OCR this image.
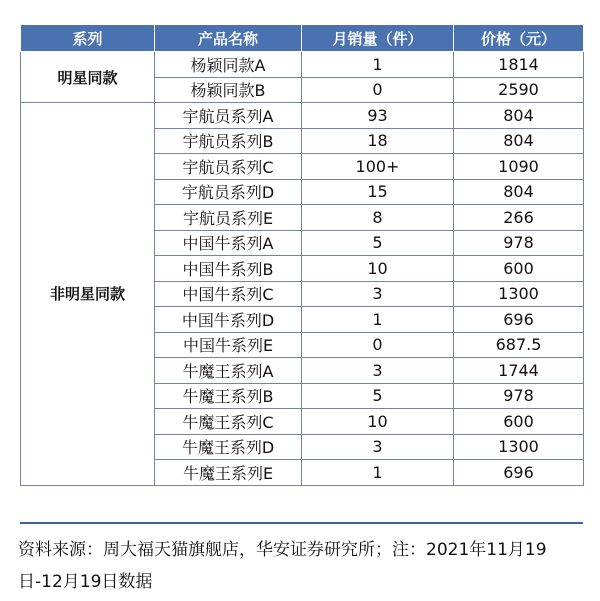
系列	产品名称	月销量（件）	价格（元）
明星同款	杨颖同款A	1	1814
	杨颖同款B	0	2590
非明星同款	宇航员系列A	93	804
	宇航员系列B	18	804
	宇航员系列C	100+	1090
	宇航员系列D	15	804
	宇航员系列E	8	266
	中国牛系列A	5	978
	中国牛系列B	10	600
	中国牛系列C	3	1300
	中国牛系列D	1	696
	中国牛系列E	0	687.5
	牛魔王系列A	3	1744
	牛魔王系列B	5	978
	牛魔王系列C	10	600
	牛魔王系列D	3	1300
	牛魔王系列E	1	696
资料来源：周大福天猫旗舰店，华安证券研究所；注：2021年11月19日-12月19日数据
